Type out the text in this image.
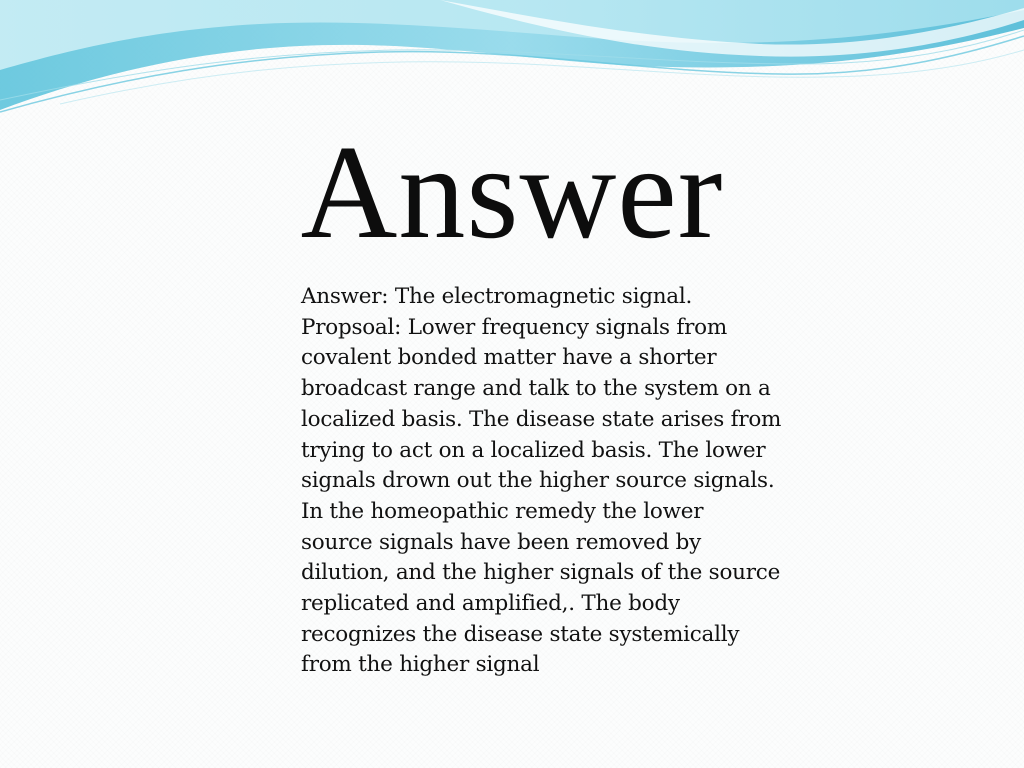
Answer
Answer: The electromagnetic signal.
Propsoal: Lower frequency signals from
covalent bonded matter have a shorter
broadcast range and talk to the system on a
localized basis. The disease state arises from
trying to act on a localized basis. The lower
signals drown out the higher source signals.
In the homeopathic remedy the lower
source signals have been removed by
dilution, and the higher signals of the source
replicated and amplified,. The body
recognizes the disease state systemically
from the higher signal
